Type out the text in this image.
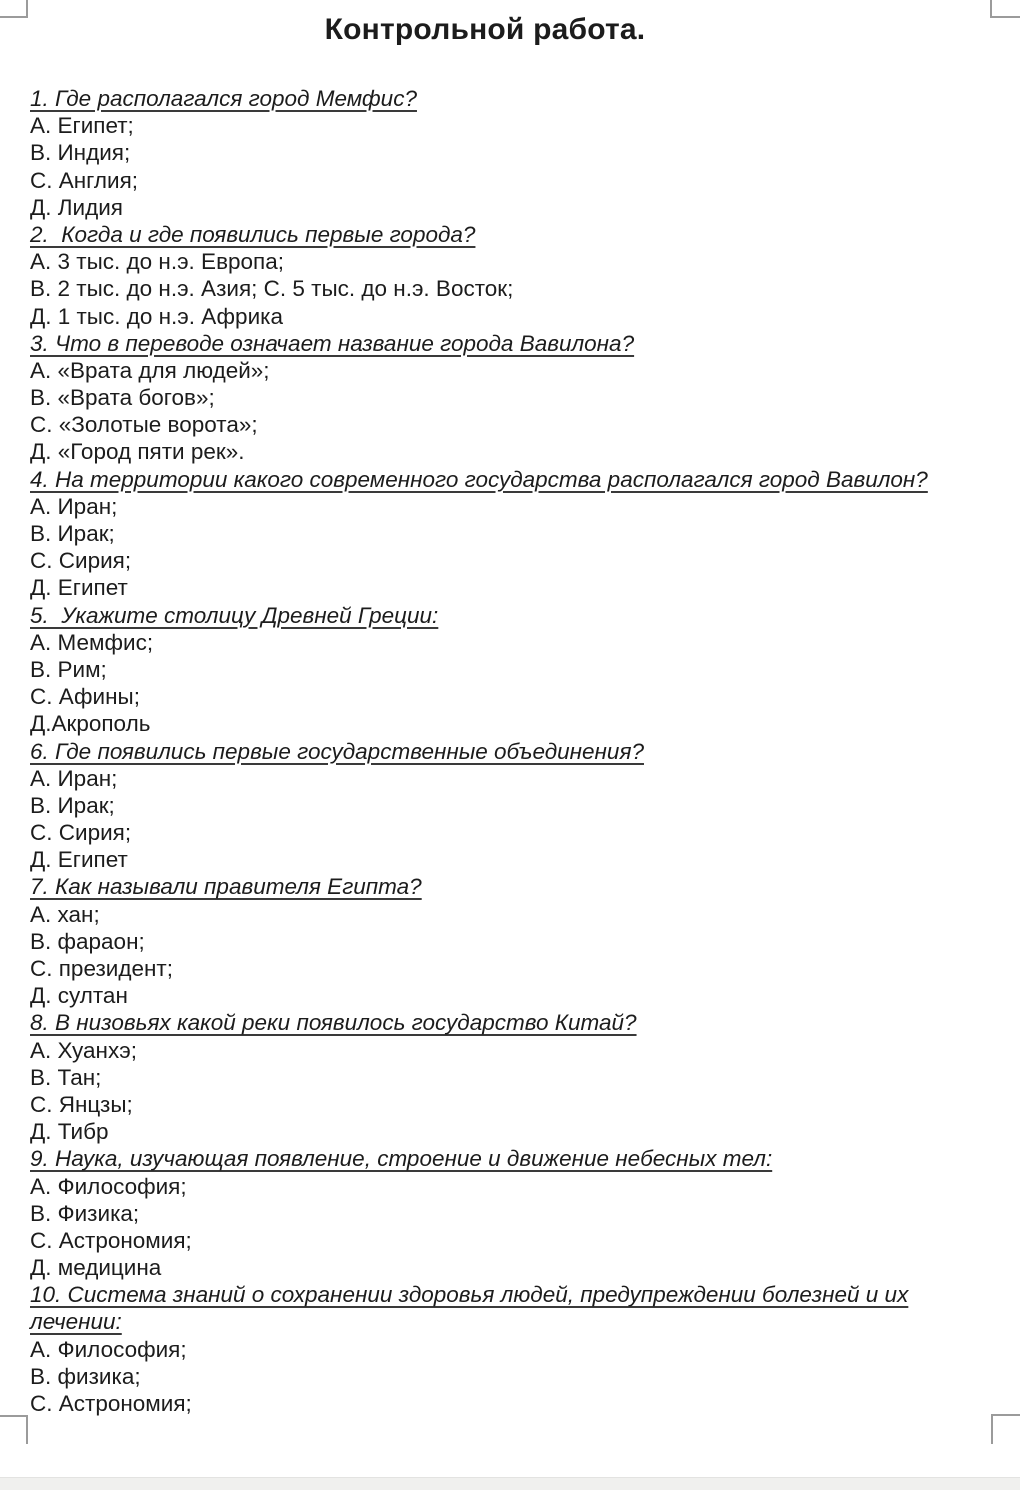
Контрольной работа.
1. Где располагался город Мемфис?
А. Египет;
В. Индия;
С. Англия;
Д. Лидия
2.  Когда и где появились первые города?
А. 3 тыс. до н.э. Европа;
В. 2 тыс. до н.э. Азия; С. 5 тыс. до н.э. Восток;
Д. 1 тыс. до н.э. Африка
3. Что в переводе означает название города Вавилона?
А. «Врата для людей»;
В. «Врата богов»;
С. «Золотые ворота»;
Д. «Город пяти рек».
4. На территории какого современного государства располагался город Вавилон?
А. Иран;
В. Ирак;
С. Сирия;
Д. Египет
5.  Укажите столицу Древней Греции:
А. Мемфис;
В. Рим;
С. Афины;
Д.Акрополь
6. Где появились первые государственные объединения?
А. Иран;
В. Ирак;
С. Сирия;
Д. Египет
7. Как называли правителя Египта?
А. хан;
В. фараон;
С. президент;
Д. султан
8. В низовьях какой реки появилось государство Китай?
А. Хуанхэ;
В. Тан;
С. Янцзы;
Д. Тибр
9. Наука, изучающая появление, строение и движение небесных тел:
А. Философия;
В. Физика;
С. Астрономия;
Д. медицина
10. Система знаний о сохранении здоровья людей, предупреждении болезней и их
лечении:
А. Философия;
В. физика;
С. Астрономия;
